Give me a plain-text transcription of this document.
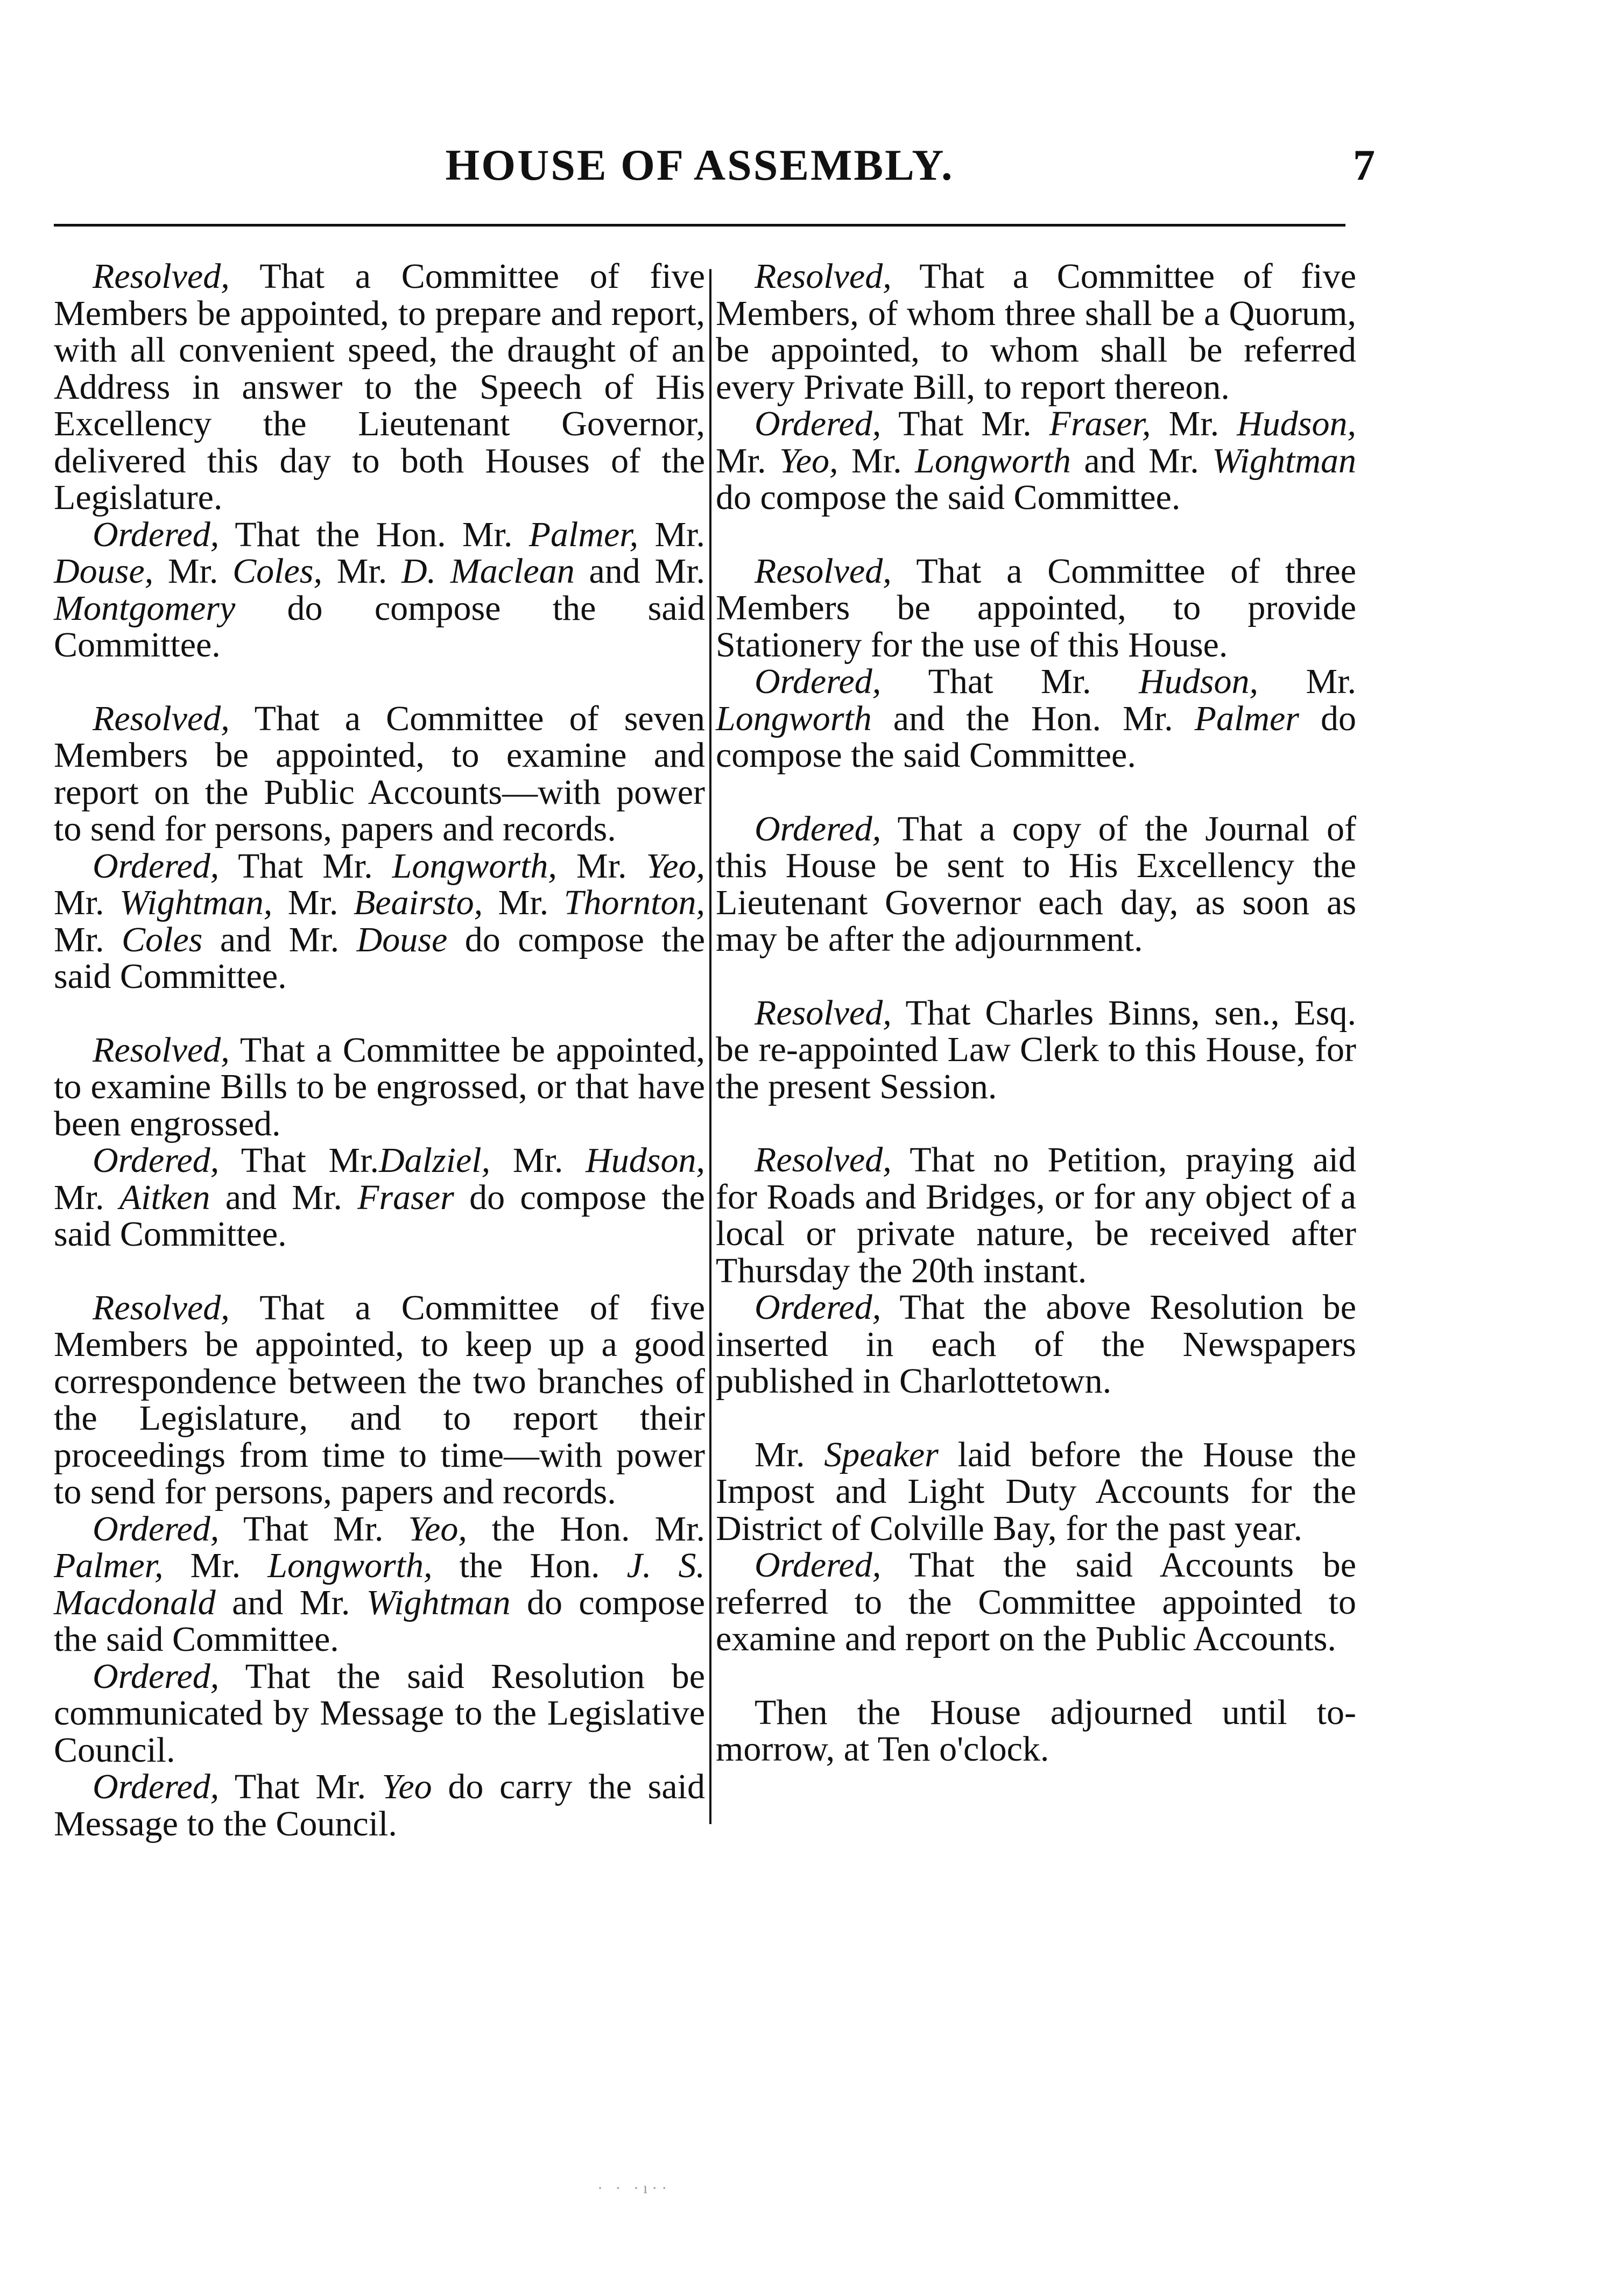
HOUSE OF ASSEMBLY.	7

Resolved, That a Committee of five Members be appointed, to prepare and report, with all convenient speed, the draught of an Address in answer to the Speech of His Excellency the Lieutenant Governor, delivered this day to both Houses of the Legislature.

Ordered, That the Hon. Mr. Palmer, Mr. Douse, Mr. Coles, Mr. D. Maclean and Mr. Montgomery do compose the said Committee.

Resolved, That a Committee of seven Members be appointed, to examine and report on the Public Accounts—with power to send for persons, papers and records.

Ordered, That Mr. Longworth, Mr. Yeo, Mr. Wightman, Mr. Beairsto, Mr. Thornton, Mr. Coles and Mr. Douse do compose the said Committee.

Resolved, That a Committee be appointed, to examine Bills to be engrossed, or that have been engrossed.

Ordered, That Mr.Dalziel, Mr. Hudson, Mr. Aitken and Mr. Fraser do compose the said Committee.

Resolved, That a Committee of five Members be appointed, to keep up a good correspondence between the two branches of the Legislature, and to report their proceedings from time to time—with power to send for persons, papers and records.

Ordered, That Mr. Yeo, the Hon. Mr. Palmer, Mr. Longworth, the Hon. J. S. Macdonald and Mr. Wightman do compose the said Committee.

Ordered, That the said Resolution be communicated by Message to the Legislative Council.

Ordered, That Mr. Yeo do carry the said Message to the Council.

Resolved, That a Committee of five Members, of whom three shall be a Quorum, be appointed, to whom shall be referred every Private Bill, to report thereon.

Ordered, That Mr. Fraser, Mr. Hudson, Mr. Yeo, Mr. Longworth and Mr. Wightman do compose the said Committee.

Resolved, That a Committee of three Members be appointed, to provide Stationery for the use of this House.

Ordered, That Mr. Hudson, Mr. Longworth and the Hon. Mr. Palmer do compose the said Committee.

Ordered, That a copy of the Journal of this House be sent to His Excellency the Lieutenant Governor each day, as soon as may be after the adjournment.

Resolved, That Charles Binns, sen., Esq. be re-appointed Law Clerk to this House, for the present Session.

Resolved, That no Petition, praying aid for Roads and Bridges, or for any object of a local or private nature, be received after Thursday the 20th instant.

Ordered, That the above Resolution be inserted in each of the Newspapers published in Charlottetown.

Mr. Speaker laid before the House the Impost and Light Duty Accounts for the District of Colville Bay, for the past year.

Ordered, That the said Accounts be referred to the Committee appointed to examine and report on the Public Accounts.

Then the House adjourned until to-morrow, at Ten o'clock.

· · ·ı··
